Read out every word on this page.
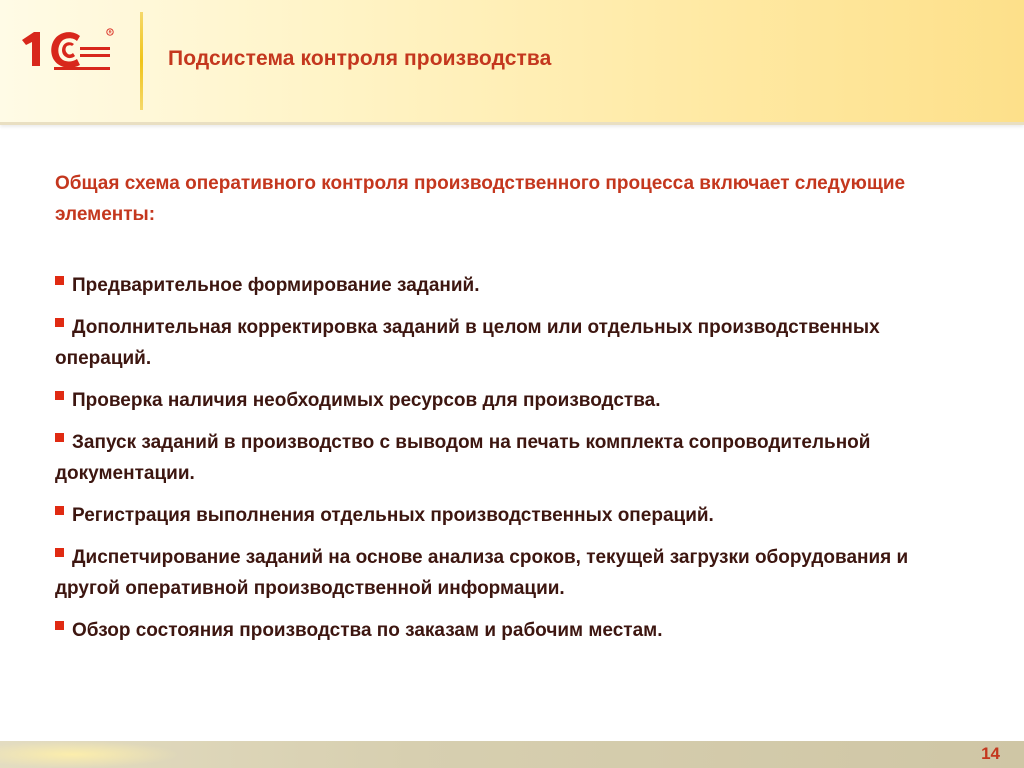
R
Подсистема контроля производства
Общая схема оперативного контроля производственного процесса включает следующие элементы:
Предварительное формирование заданий.
Дополнительная корректировка заданий в целом или отдельных производственных операций.
Проверка наличия необходимых ресурсов для производства.
Запуск заданий в производство с выводом на печать комплекта сопроводительной документации.
Регистрация выполнения отдельных производственных операций.
Диспетчирование заданий на основе анализа сроков, текущей загрузки оборудования и другой оперативной производственной информации.
Обзор состояния производства по заказам и рабочим местам.
14
